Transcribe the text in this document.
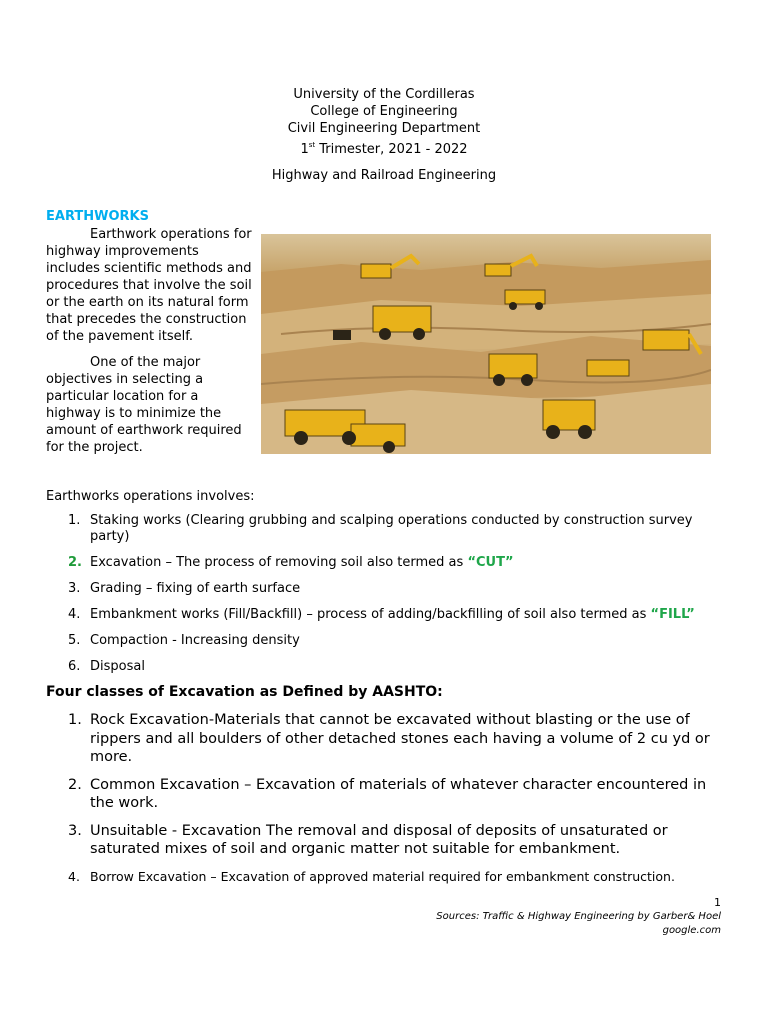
University of the Cordilleras
College of Engineering
Civil Engineering Department
1st Trimester, 2021 - 2022
Highway and Railroad Engineering
EARTHWORKS

Earthwork operations for highway improvements includes scientific methods and procedures that involve the soil or the earth on its natural form that precedes the construction of the pavement itself.

One of the major objectives in selecting a particular location for a highway is to minimize the amount of earthwork required for the project.

Earthworks operations involves:
1. Staking works (Clearing grubbing and scalping operations conducted by construction survey party)
2. Excavation – The process of removing soil also termed as “CUT”
3. Grading – fixing of earth surface
4. Embankment works (Fill/Backfill) – process of adding/backfilling of soil also termed as “FILL”
5. Compaction - Increasing density
6. Disposal
Four classes of Excavation as Defined by AASHTO:
1. Rock Excavation-Materials that cannot be excavated without blasting or the use of rippers and all boulders of other detached stones each having a volume of 2 cu yd or more.
2. Common Excavation – Excavation of materials of whatever character encountered in the work.
3. Unsuitable - Excavation The removal and disposal of deposits of unsaturated or saturated mixes of soil and organic matter not suitable for embankment.
4. Borrow Excavation – Excavation of approved material required for embankment construction.
1
Sources: Traffic & Highway Engineering by Garber& Hoel
google.com
